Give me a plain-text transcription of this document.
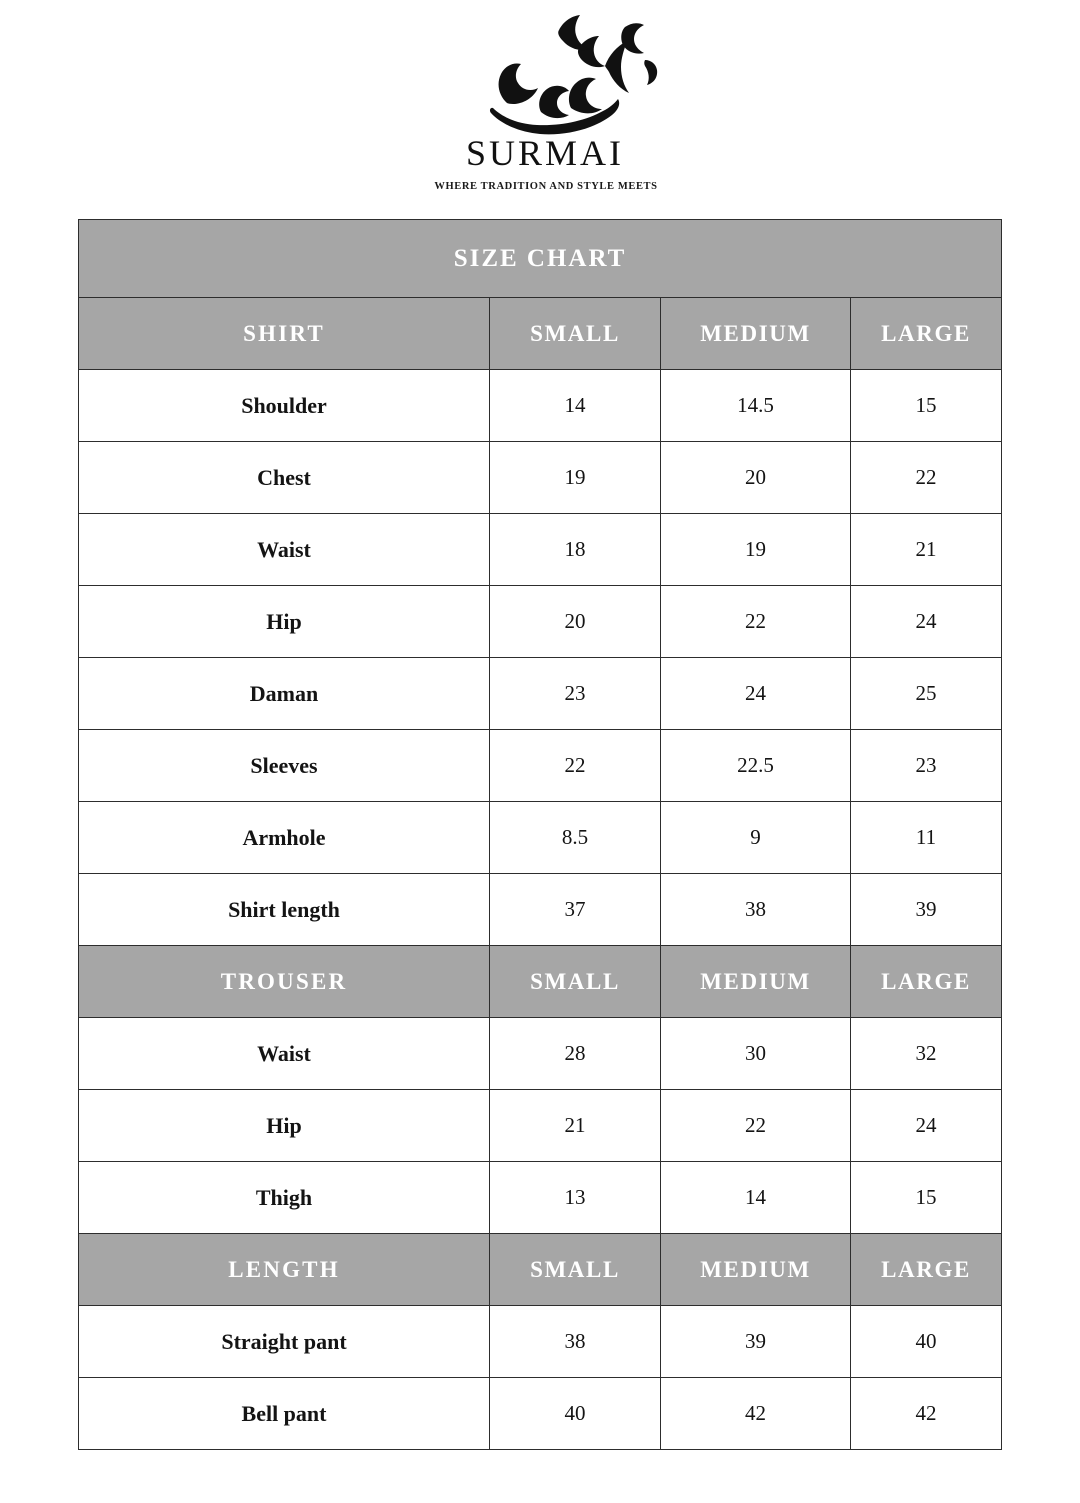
SURMAI
WHERE TRADITION AND STYLE MEETS
SIZE CHART			
SHIRT	SMALL	MEDIUM	LARGE
Shoulder	14	14.5	15
Chest	19	20	22
Waist	18	19	21
Hip	20	22	24
Daman	23	24	25
Sleeves	22	22.5	23
Armhole	8.5	9	11
Shirt length	37	38	39
TROUSER	SMALL	MEDIUM	LARGE
Waist	28	30	32
Hip	21	22	24
Thigh	13	14	15
LENGTH	SMALL	MEDIUM	LARGE
Straight pant	38	39	40
Bell pant	40	42	42
